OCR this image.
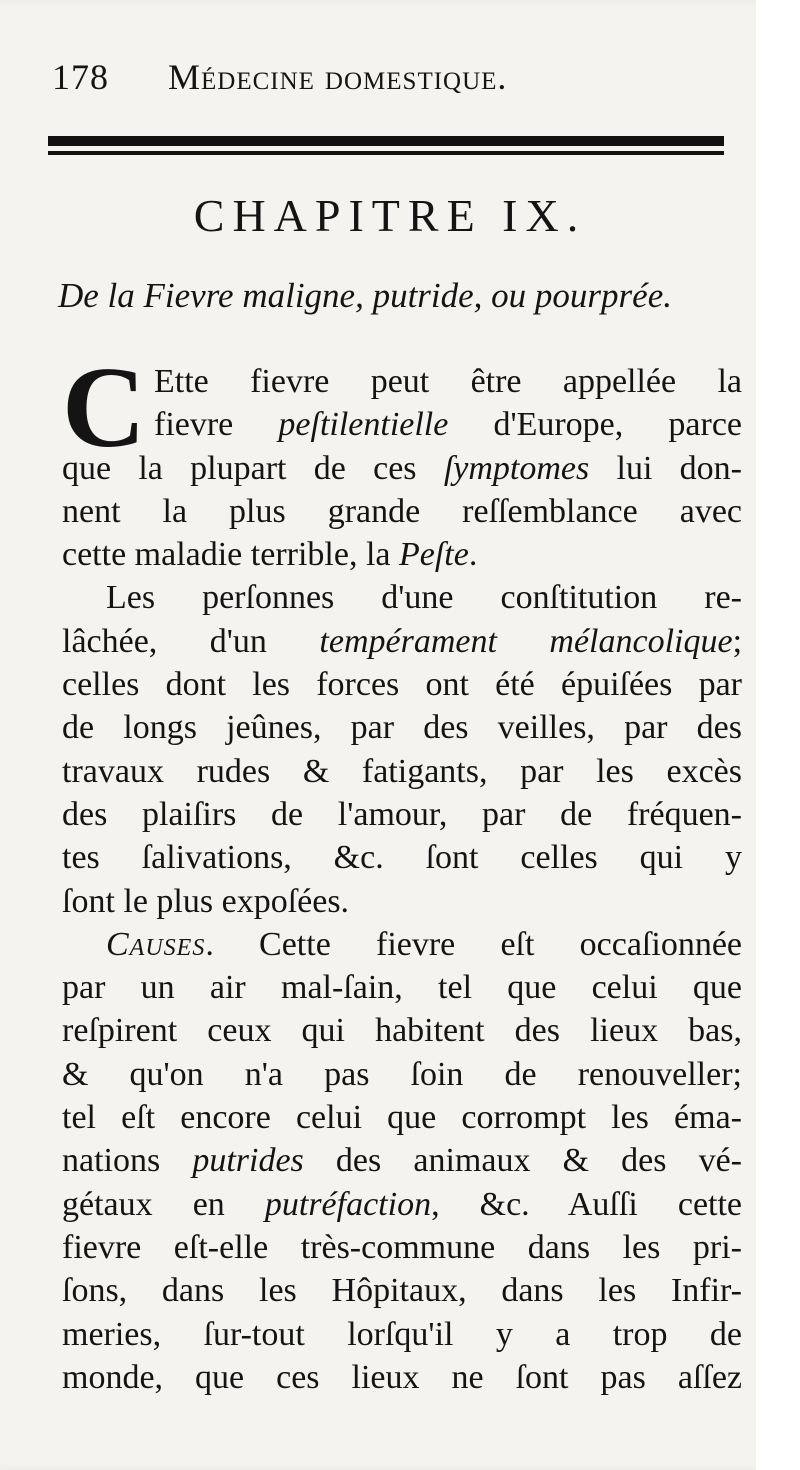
178 Médecine domestique.
CHAPITRE IX.
De la Fievre maligne, putride, ou pourprée.
C Ette fievre peut être appellée la
fievre peſtilentielle d'Europe, parce
que la plupart de ces ſymptomes lui don-
nent la plus grande reſſemblance avec
cette maladie terrible, la Peſte.
Les perſonnes d'une conſtitution re-
lâchée, d'un tempérament mélancolique;
celles dont les forces ont été épuiſées par
de longs jeûnes, par des veilles, par des
travaux rudes & fatigants, par les excès
des plaiſirs de l'amour, par de fréquen-
tes ſalivations, &c. ſont celles qui y
ſont le plus expoſées.
Causes. Cette fievre eſt occaſionnée
par un air mal-ſain, tel que celui que
reſpirent ceux qui habitent des lieux bas,
& qu'on n'a pas ſoin de renouveller;
tel eſt encore celui que corrompt les éma-
nations putrides des animaux & des vé-
gétaux en putréfaction, &c. Auſſi cette
fievre eſt-elle très-commune dans les pri-
ſons, dans les Hôpitaux, dans les Infir-
meries, ſur-tout lorſqu'il y a trop de
monde, que ces lieux ne ſont pas aſſez
